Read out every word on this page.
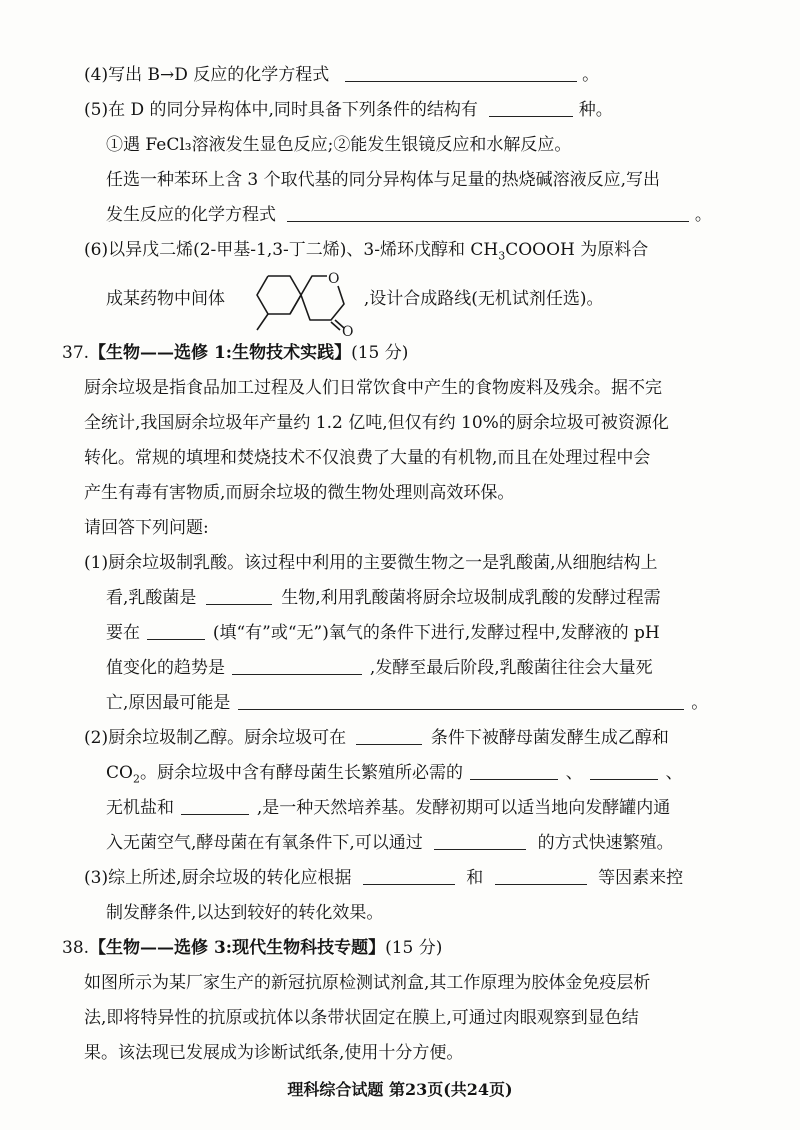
(4)写出 B→D 反应的化学方程式	。
(5)在 D 的同分异构体中,同时具备下列条件的结构有	种。
①遇 FeCl₃溶液发生显色反应;②能发生银镜反应和水解反应。
任选一种苯环上含 3 个取代基的同分异构体与足量的热烧碱溶液反应,写出
发生反应的化学方程式	。
(6)以异戊二烯(2-甲基-1,3-丁二烯)、3-烯环戊醇和 $CH_3COOOH$ 为原料合
成某药物中间体	,设计合成路线(无机试剂任选)。
O
O
37.【生物——选修 1:生物技术实践】(15 分)
厨余垃圾是指食品加工过程及人们日常饮食中产生的食物废料及残余。据不完
全统计,我国厨余垃圾年产量约 1.2 亿吨,但仅有约 10%的厨余垃圾可被资源化
转化。常规的填埋和焚烧技术不仅浪费了大量的有机物,而且在处理过程中会
产生有毒有害物质,而厨余垃圾的微生物处理则高效环保。
请回答下列问题:
(1)厨余垃圾制乳酸。该过程中利用的主要微生物之一是乳酸菌,从细胞结构上
看,乳酸菌是	生物,利用乳酸菌将厨余垃圾制成乳酸的发酵过程需
要在	(填“有”或“无”)氧气的条件下进行,发酵过程中,发酵液的 pH
值变化的趋势是	,发酵至最后阶段,乳酸菌往往会大量死
亡,原因最可能是	。
(2)厨余垃圾制乙醇。厨余垃圾可在	条件下被酵母菌发酵生成乙醇和
$CO_2$。厨余垃圾中含有酵母菌生长繁殖所必需的	、	、
无机盐和	,是一种天然培养基。发酵初期可以适当地向发酵罐内通
入无菌空气,酵母菌在有氧条件下,可以通过	的方式快速繁殖。
(3)综上所述,厨余垃圾的转化应根据	和	等因素来控
制发酵条件,以达到较好的转化效果。
38.【生物——选修 3:现代生物科技专题】(15 分)
如图所示为某厂家生产的新冠抗原检测试剂盒,其工作原理为胶体金免疫层析
法,即将特异性的抗原或抗体以条带状固定在膜上,可通过肉眼观察到显色结
果。该法现已发展成为诊断试纸条,使用十分方便。
理科综合试题 第23页(共24页)
